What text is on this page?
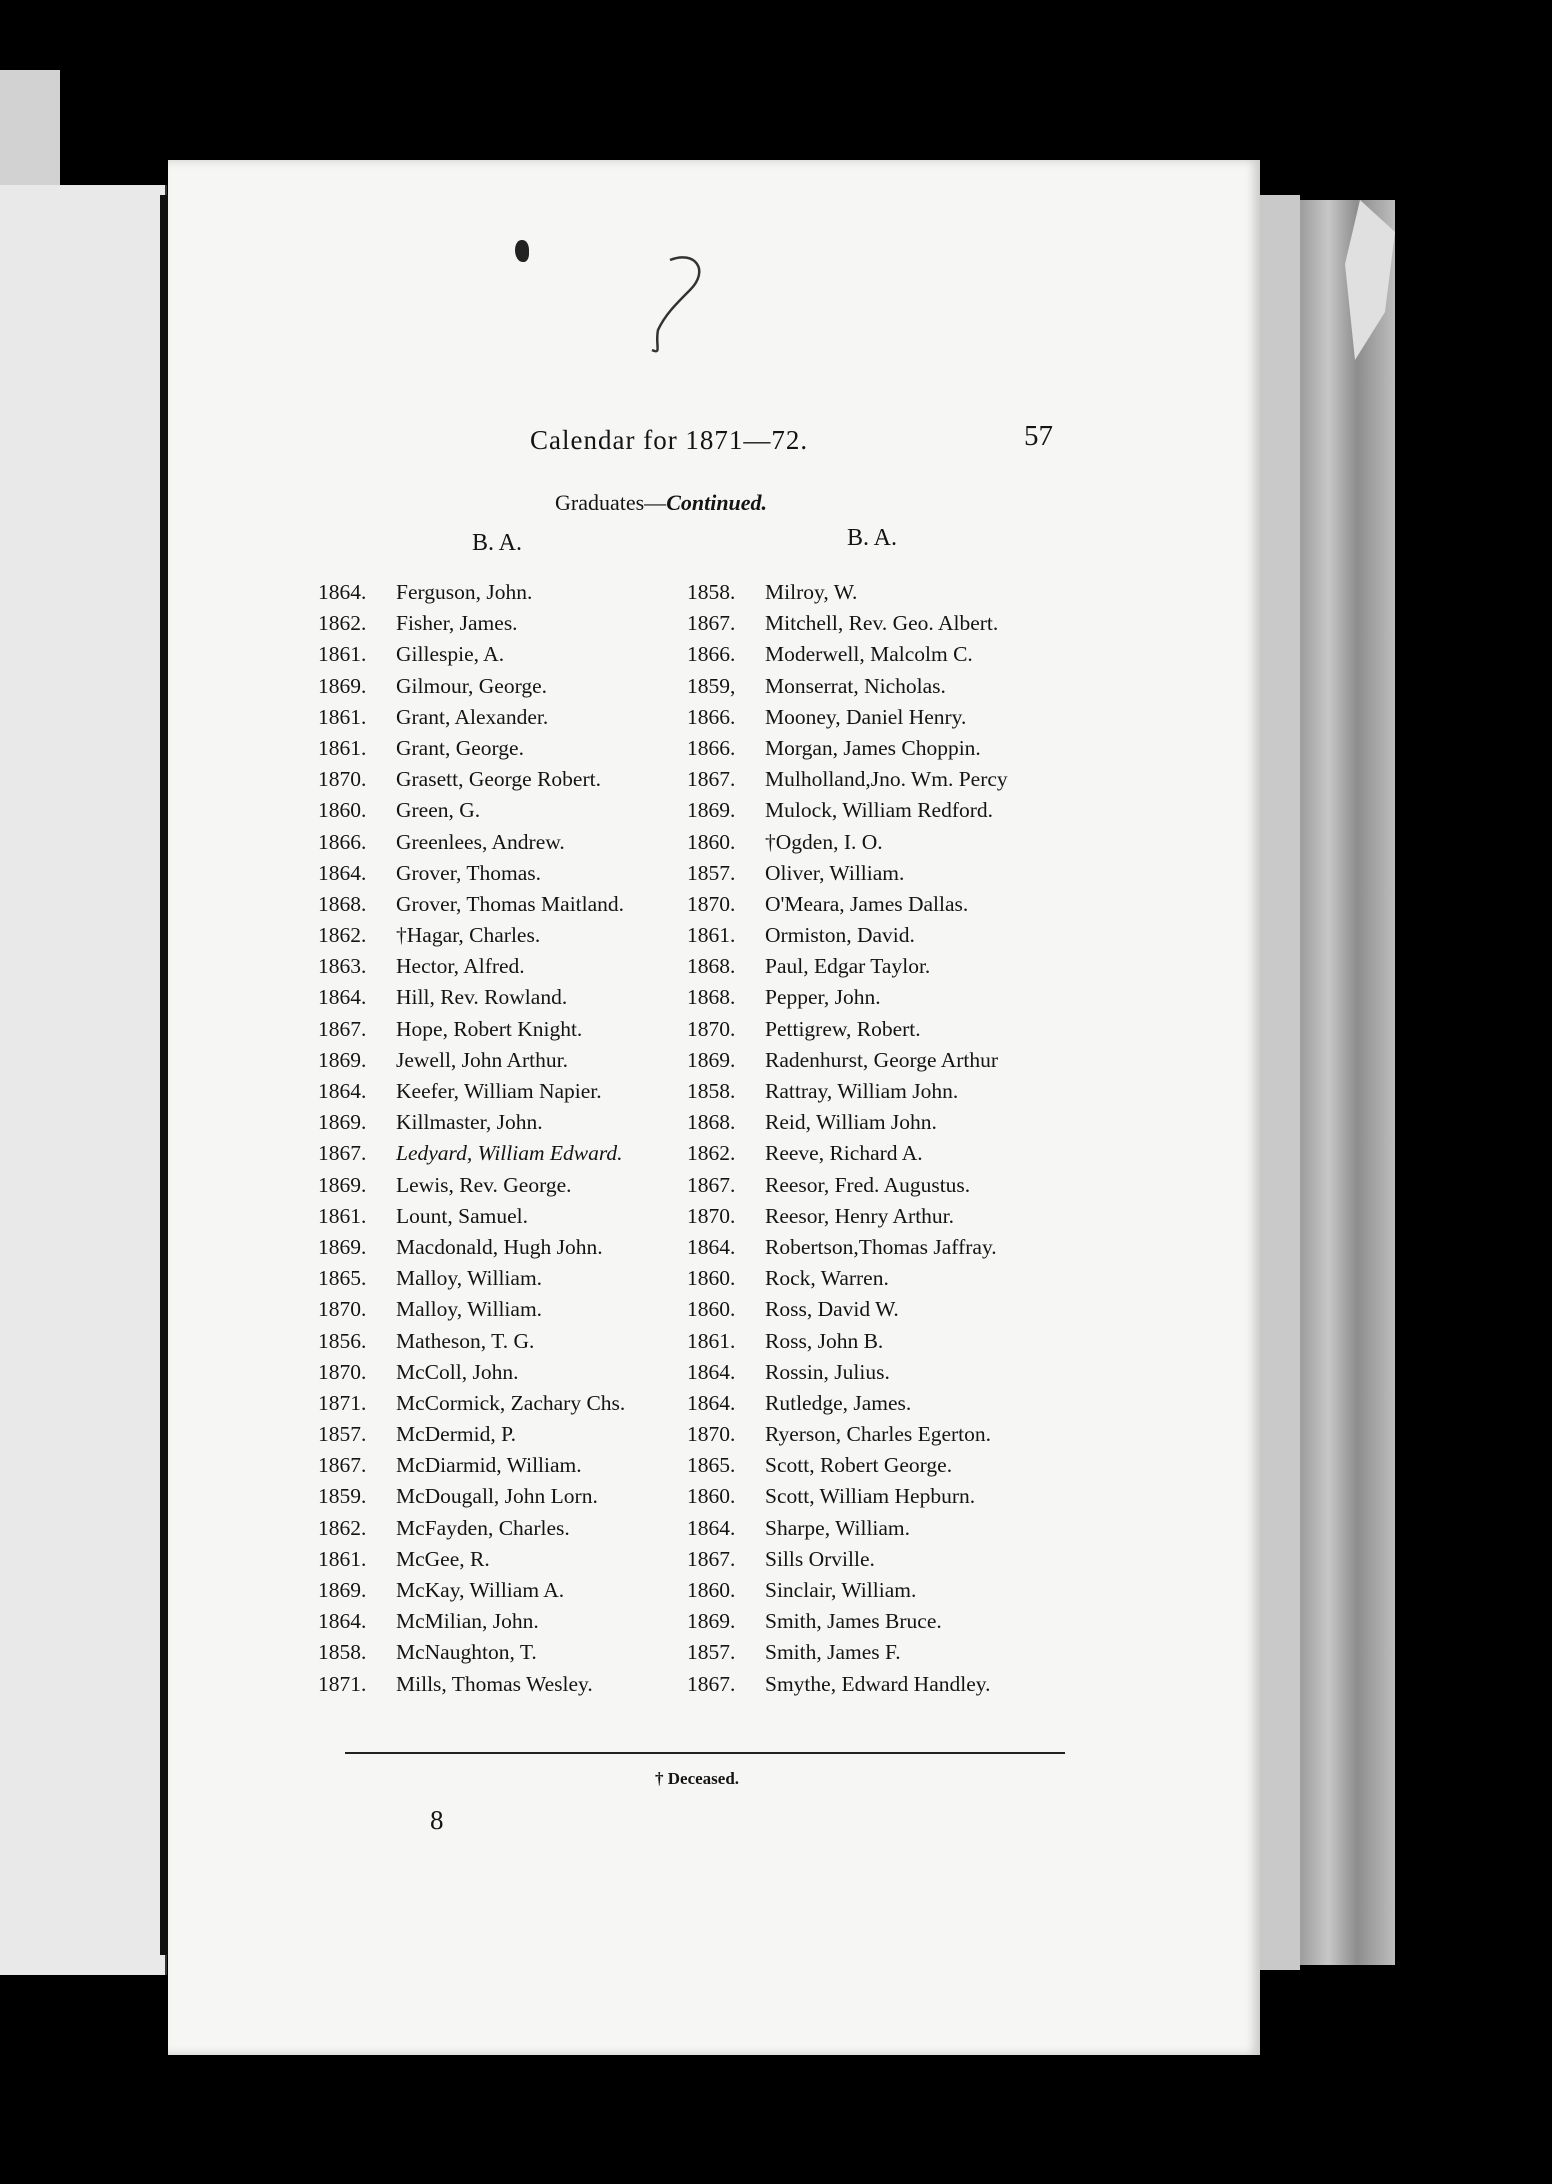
Calendar for 1871—72.	57
Graduates—Continued.
B. A.	B. A.
1864.	Ferguson, John.
1862.	Fisher, James.
1861.	Gillespie, A.
1869.	Gilmour, George.
1861.	Grant, Alexander.
1861.	Grant, George.
1870.	Grasett, George Robert.
1860.	Green, G.
1866.	Greenlees, Andrew.
1864.	Grover, Thomas.
1868.	Grover, Thomas Maitland.
1862.	†Hagar, Charles.
1863.	Hector, Alfred.
1864.	Hill, Rev. Rowland.
1867.	Hope, Robert Knight.
1869.	Jewell, John Arthur.
1864.	Keefer, William Napier.
1869.	Killmaster, John.
1867.	Ledyard, William Edward.
1869.	Lewis, Rev. George.
1861.	Lount, Samuel.
1869.	Macdonald, Hugh John.
1865.	Malloy, William.
1870.	Malloy, William.
1856.	Matheson, T. G.
1870.	McColl, John.
1871.	McCormick, Zachary Chs.
1857.	McDermid, P.
1867.	McDiarmid, William.
1859.	McDougall, John Lorn.
1862.	McFayden, Charles.
1861.	McGee, R.
1869.	McKay, William A.
1864.	McMilian, John.
1858.	McNaughton, T.
1871.	Mills, Thomas Wesley.
1858.	Milroy, W.
1867.	Mitchell, Rev. Geo. Albert.
1866.	Moderwell, Malcolm C.
1859,	Monserrat, Nicholas.
1866.	Mooney, Daniel Henry.
1866.	Morgan, James Choppin.
1867.	Mulholland,Jno. Wm. Percy
1869.	Mulock, William Redford.
1860.	†Ogden, I. O.
1857.	Oliver, William.
1870.	O'Meara, James Dallas.
1861.	Ormiston, David.
1868.	Paul, Edgar Taylor.
1868.	Pepper, John.
1870.	Pettigrew, Robert.
1869.	Radenhurst, George Arthur
1858.	Rattray, William John.
1868.	Reid, William John.
1862.	Reeve, Richard A.
1867.	Reesor, Fred. Augustus.
1870.	Reesor, Henry Arthur.
1864.	Robertson,Thomas Jaffray.
1860.	Rock, Warren.
1860.	Ross, David W.
1861.	Ross, John B.
1864.	Rossin, Julius.
1864.	Rutledge, James.
1870.	Ryerson, Charles Egerton.
1865.	Scott, Robert George.
1860.	Scott, William Hepburn.
1864.	Sharpe, William.
1867.	Sills Orville.
1860.	Sinclair, William.
1869.	Smith, James Bruce.
1857.	Smith, James F.
1867.	Smythe, Edward Handley.
† Deceased.
8
